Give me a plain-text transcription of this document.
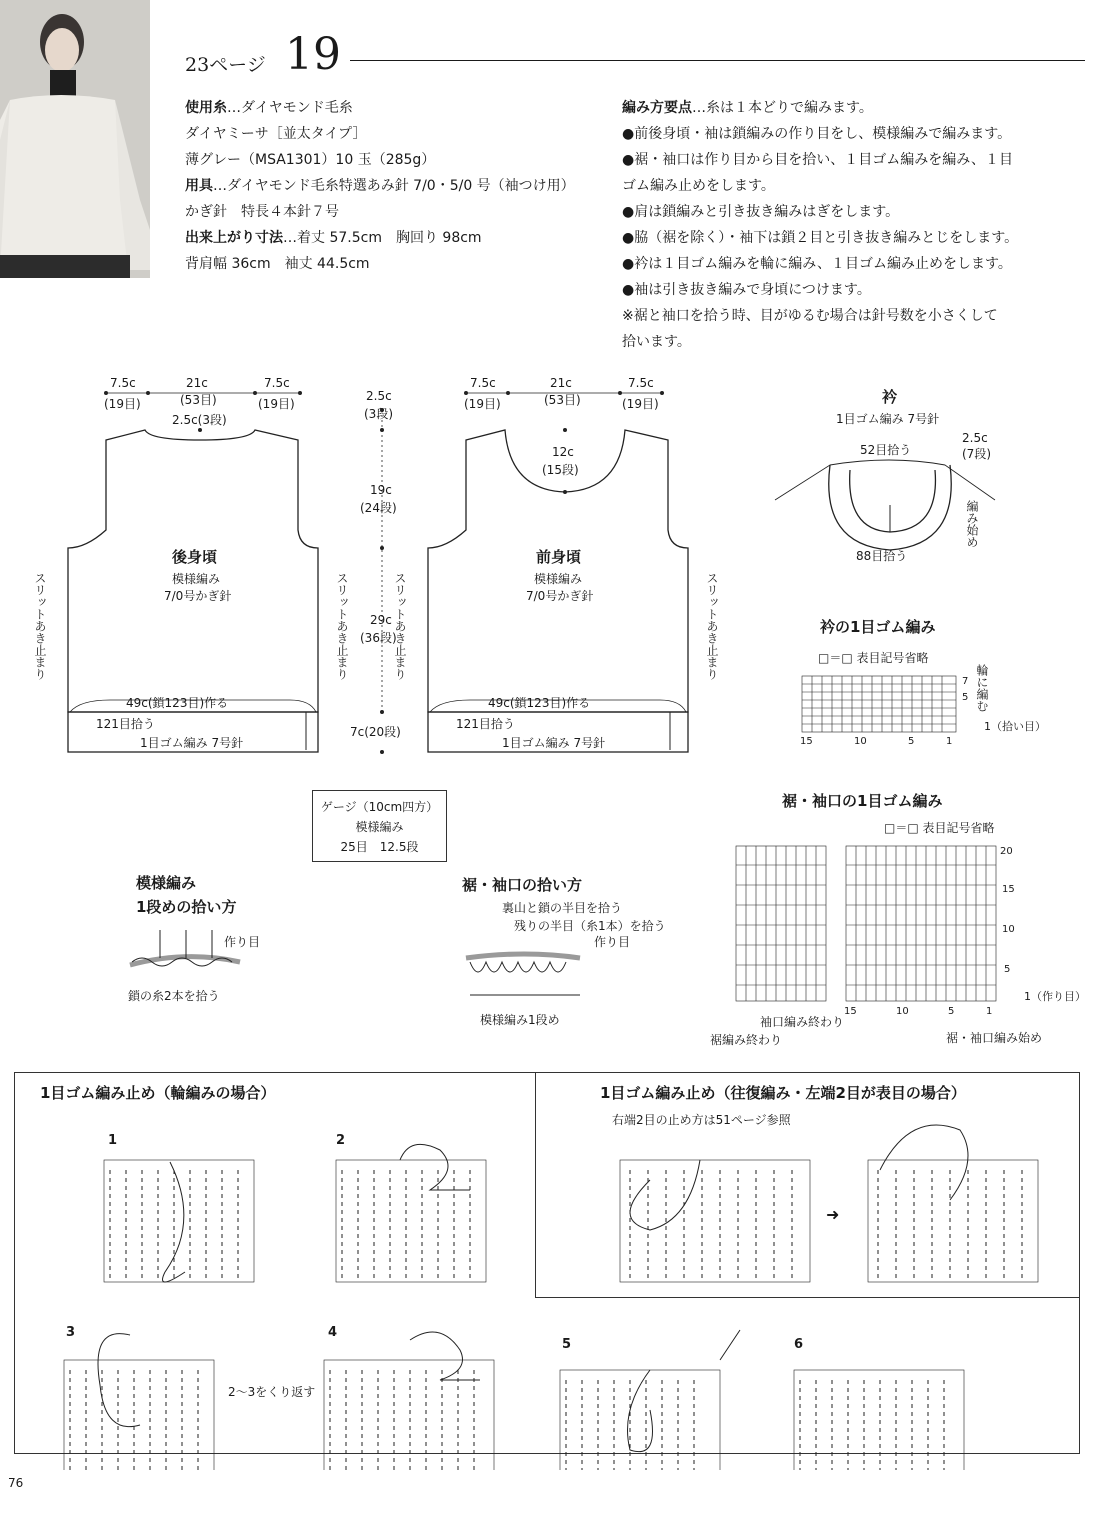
23ページ 19
使用糸…ダイヤモンド毛糸
ダイヤミーサ［並太タイプ］
薄グレー（MSA1301）10 玉（285g）
用具…ダイヤモンド毛糸特選あみ針 7/0・5/0 号（袖つけ用）
かぎ針　特長４本針７号
出来上がり寸法…着丈 57.5cm　胸回り 98cm
背肩幅 36cm　袖丈 44.5cm
編み方要点…糸は１本どりで編みます。
●前後身頃・袖は鎖編みの作り目をし、模様編みで編みます。
●裾・袖口は作り目から目を拾い、１目ゴム編みを編み、１目
ゴム編み止めをします。
●肩は鎖編みと引き抜き編みはぎをします。
●脇（裾を除く）・袖下は鎖２目と引き抜き編みとじをします。
●衿は１目ゴム編みを輪に編み、１目ゴム編み止めをします。
●袖は引き抜き編みで身頃につけます。
※裾と袖口を拾う時、目がゆるむ場合は針号数を小さくして
拾います。
7.5c
(19目)
21c
(53目)
7.5c
(19目)
2.5c(3段)
後身頃
模様編み
7/0号かぎ針
49c(鎖123目)作る
121目拾う
1目ゴム編み 7号針
スリットあき止まり	スリットあき止まり
2.5c
(3段)
19c
(24段)
29c
(36段)
7c(20段)
7.5c
(19目)
21c
(53目)
7.5c
(19目)
12c
(15段)
前身頃
模様編み
7/0号かぎ針
49c(鎖123目)作る
121目拾う
1目ゴム編み 7号針
スリットあき止まり	スリットあき止まり
衿
1目ゴム編み 7号針
52目拾う
2.5c
(7段)
編み始め
88目拾う
衿の1目ゴム編み
□＝□ 表目記号省略
7
5 輪に編む
1（拾い目）
15	10	5	1
裾・袖口の1目ゴム編み
□＝□ 表目記号省略
20
15
10
5
1（作り目）
15	10	5	1
袖口編み終わり
裾編み終わり	裾・袖口編み始め
模様編み
1段めの拾い方
作り目
鎖の糸2本を拾う
裾・袖口の拾い方
裏山と鎖の半目を拾う
残りの半目（糸1本）を拾う
作り目
模様編み1段め
ゲージ（10cm四方）
模様編み
25目　12.5段
1目ゴム編み止め（輪編みの場合）	1目ゴム編み止め（往復編み・左端2目が表目の場合）
右端2目の止め方は51ページ参照
1	2
3	4
5	6
2〜3をくり返す
➜
76
